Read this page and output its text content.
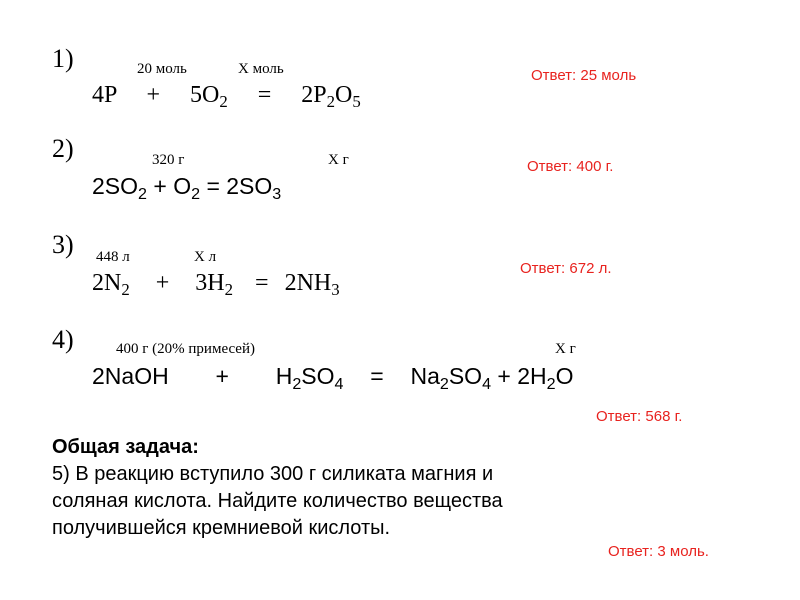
1)	20 моль	X моль
$4P + 5O_2 = 2P_2O_5$
Ответ: 25 моль
2)	320 г	X г
$2SO_2 + O_2 = 2SO_3$
Ответ: 400 г.
3) 448 л	X л
$2N_2 + 3H_2 = 2NH_3$
Ответ: 672 л.
4)	400 г (20% примесей)	X г
2NaOH + $H_2SO_4 = Na_2SO_4 + 2H_2O$
Ответ: 568 г.
Общая задача:
5) В реакцию вступило 300 г силиката магния и
соляная кислота. Найдите количество вещества
получившейся кремниевой кислоты.
Ответ: 3 моль.
